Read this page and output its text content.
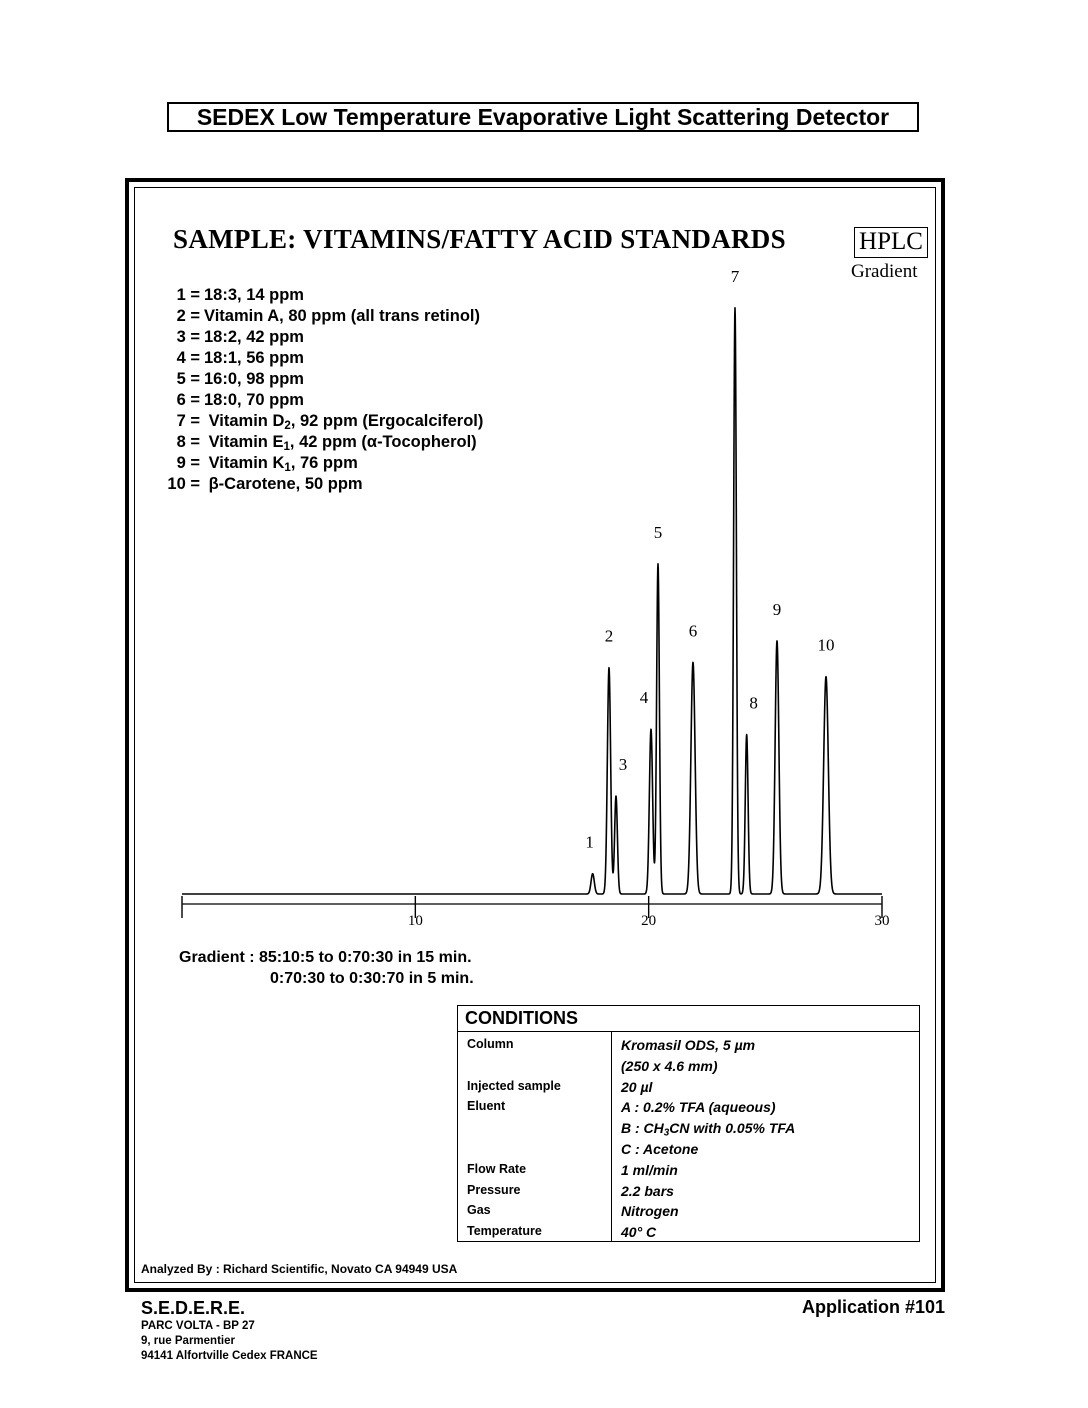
SEDEX Low Temperature Evaporative Light Scattering Detector
SAMPLE: VITAMINS/FATTY ACID STANDARDS	HPLC
Gradient
1 = 18:3, 14 ppm
2 = Vitamin A, 80 ppm (all trans retinol)
3 = 18:2, 42 ppm
4 = 18:1, 56 ppm
5 = 16:0, 98 ppm
6 = 18:0, 70 ppm
7 = Vitamin $D_2$, 92 ppm (Ergocalciferol)
8 = Vitamin $E_1$, 42 ppm (α-Tocopherol)
9 = Vitamin $K_1$, 76 ppm
10 = β-Carotene, 50 ppm
10	20	30
1
2
3
4
5
6
7
8
9
10
Gradient : 85:10:5 to 0:70:30 in 15 min.
0:70:30 to 0:30:70 in 5 min.
CONDITIONS
Column	Kromasil ODS, 5 µm
(250 x 4.6 mm)
Injected sample	20 µl
Eluent	A : 0.2% TFA (aqueous)
B : $CH_3CN$ with 0.05% TFA
C : Acetone
Flow Rate	1 ml/min
Pressure	2.2 bars
Gas	Nitrogen
Temperature	40° C
Analyzed By : Richard Scientific, Novato CA 94949 USA
S.E.D.E.R.E.
PARC VOLTA - BP 27
9, rue Parmentier
94141 Alfortville Cedex FRANCE
Application #101
